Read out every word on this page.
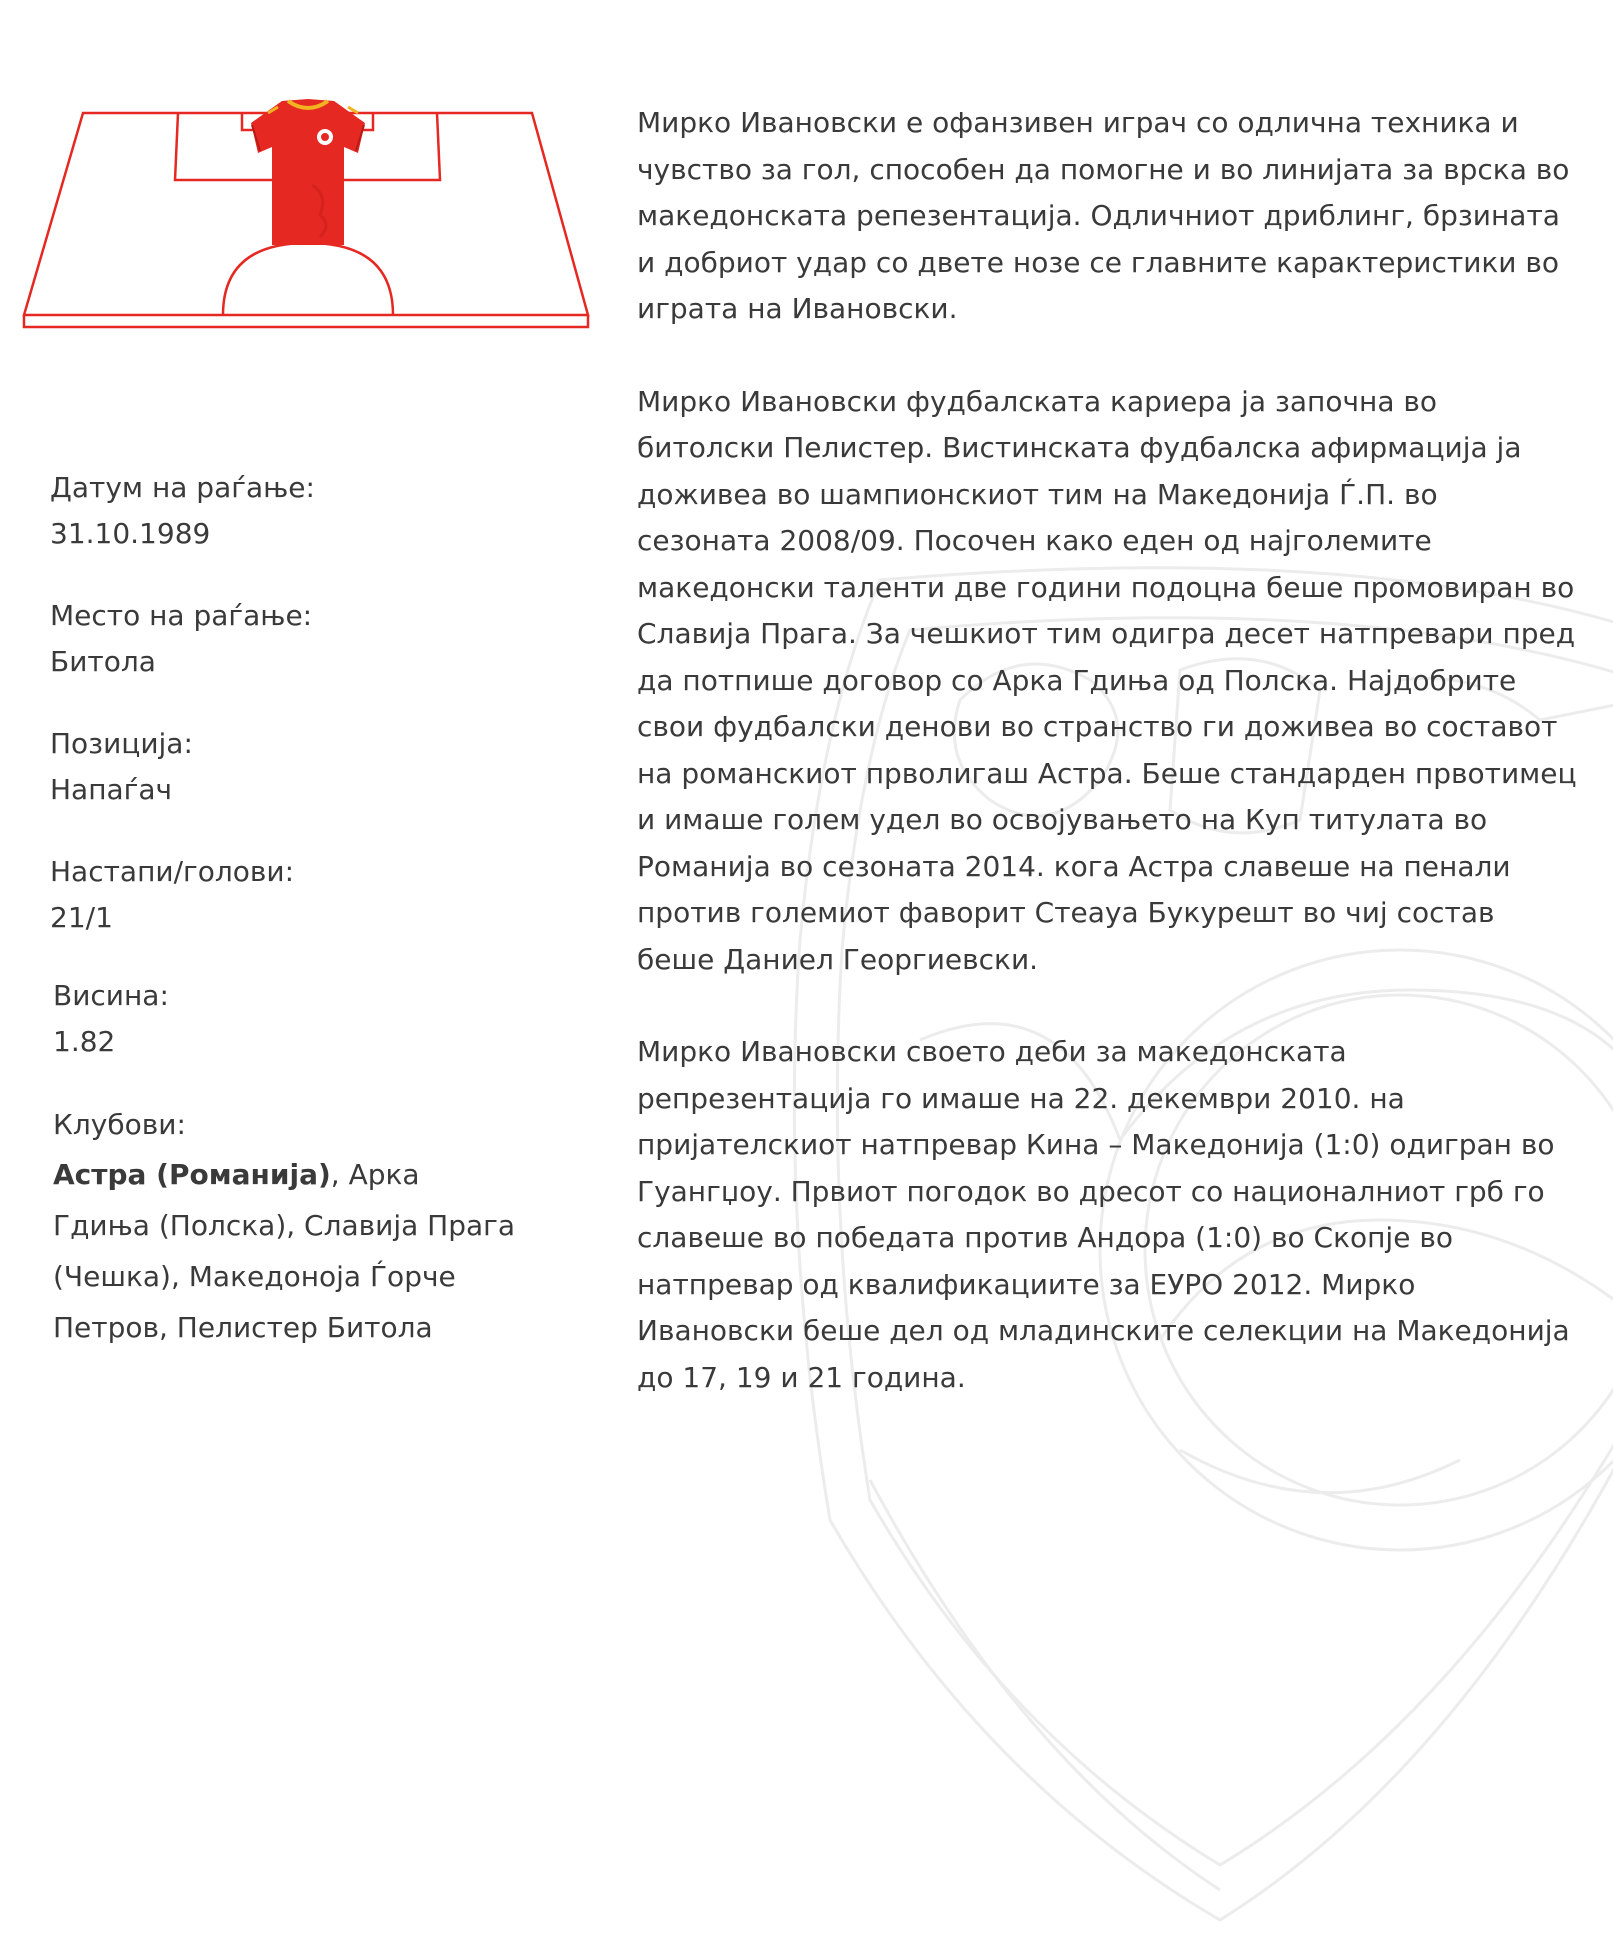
Датум на раѓање:
31.10.1989
Место на раѓање:
Битола
Позиција:
Напаѓач
Настапи/голови:
21/1
Висина:
1.82
Клубови:
Астра (Романија), Арка Гдиња (Полска), Славија Прага (Чешка), Македоноја Ѓорче Петров, Пелистер Битола

Мирко Ивановски е офанзивен играч со одлична техника и чувство за гол, способен да помогне и во линијата за врска во македонската репезентација. Одличниот дриблинг, брзината и добриот удар со двете нозе се главните карактеристики во играта на Ивановски.

Мирко Ивановски фудбалската кариера ја започна во битолски Пелистер. Вистинската фудбалска афирмација ја доживеа во шампионскиот тим на Македонија Ѓ.П. во сезоната 2008/09. Посочен како еден од најголемите македонски таленти две години подоцна беше промовиран во Славија Прага. За чешкиот тим одигра десет натпревари пред да потпише договор со Арка Гдиња од Полска. Најдобрите свои фудбалски денови во странство ги доживеа во составот на романскиот прволигаш Астра. Беше стандарден првотимец и имаше голем удел во освојувањето на Куп титулата во Романија во сезоната 2014. кога Астра славеше на пенали против големиот фаворит Стеауа Букурешт во чиј состав беше Даниел Георгиевски.

Мирко Ивановски своето деби за македонската репрезентација го имаше на 22. декември 2010. на пријателскиот натпревар Кина – Македонија (1:0) одигран во Гуангџоу. Првиот погодок во дресот со националниот грб го славеше во победата против Андора (1:0) во Скопје во натпревар од квалификациите за ЕУРО 2012. Мирко Ивановски беше дел од младинските селекции на Македонија до 17, 19 и 21 година.
